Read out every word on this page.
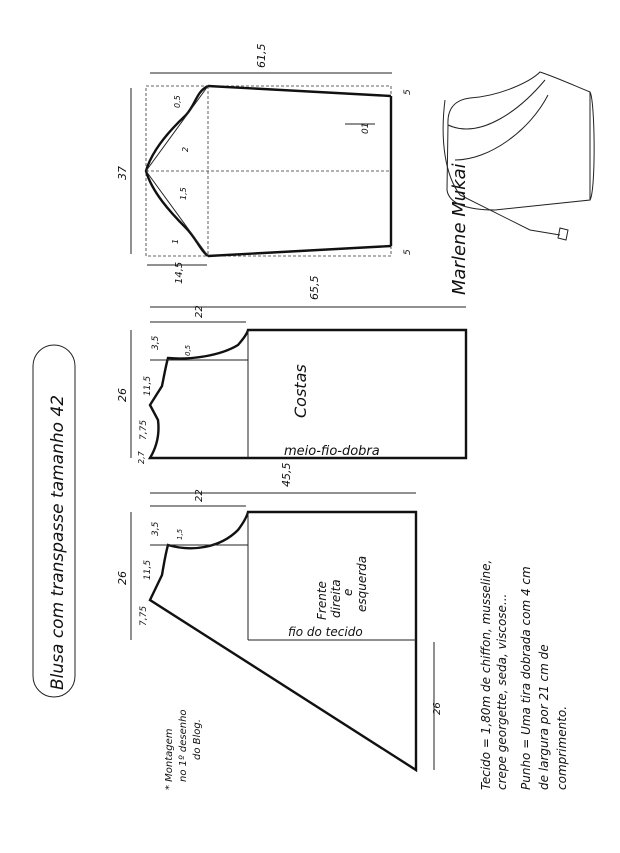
Blusa com transpasse tamanho 42
61,5
37
14,5
01
5
5
0,5
2
1,5
1	Marlene Mukai
65,5
22
26
3,5
0,5
11,5
7,75
2,7
Costas
meio-fio-dobra
45,5
22
26
3,5 1,5
11,5
7,75
26
Frente direita
e esquerda
fio do tecido
* Montagem no 1º desenho do Blog.	Tecido = 1,80m de chiffon, musseline, crepe georgette, seda, viscose... Punho = Uma tira dobrada com 4 cm de largura por 21 cm de comprimento.
